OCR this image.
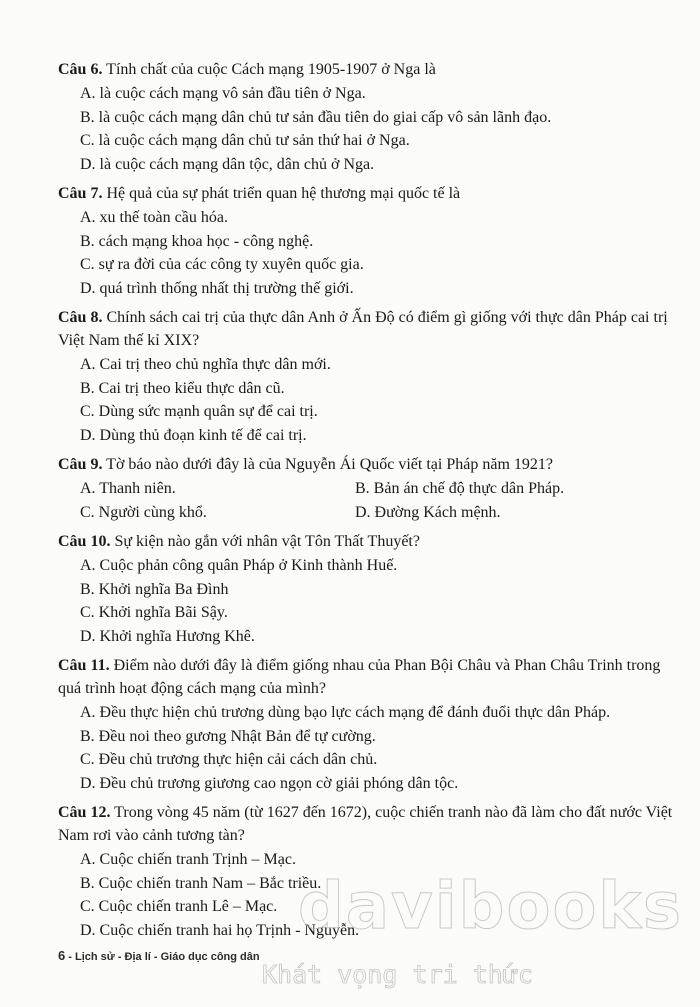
Câu 6. Tính chất của cuộc Cách mạng 1905-1907 ở Nga là

A. là cuộc cách mạng vô sản đầu tiên ở Nga.
B. là cuộc cách mạng dân chủ tư sản đầu tiên do giai cấp vô sản lãnh đạo.
C. là cuộc cách mạng dân chủ tư sản thứ hai ở Nga.
D. là cuộc cách mạng dân tộc, dân chủ ở Nga.

Câu 7. Hệ quả của sự phát triển quan hệ thương mại quốc tế là

A. xu thế toàn cầu hóa.
B. cách mạng khoa học - công nghệ.
C. sự ra đời của các công ty xuyên quốc gia.
D. quá trình thống nhất thị trường thế giới.

Câu 8. Chính sách cai trị của thực dân Anh ở Ấn Độ có điểm gì giống với thực dân Pháp cai trị Việt Nam thế kỉ XIX?

A. Cai trị theo chủ nghĩa thực dân mới.
B. Cai trị theo kiểu thực dân cũ.
C. Dùng sức mạnh quân sự để cai trị.
D. Dùng thủ đoạn kinh tế để cai trị.

Câu 9. Tờ báo nào dưới đây là của Nguyễn Ái Quốc viết tại Pháp năm 1921?

A. Thanh niên.	B. Bản án chế độ thực dân Pháp.
C. Người cùng khổ.	D. Đường Kách mệnh.

Câu 10. Sự kiện nào gắn với nhân vật Tôn Thất Thuyết?

A. Cuộc phản công quân Pháp ở Kinh thành Huế.
B. Khởi nghĩa Ba Đình
C. Khởi nghĩa Bãi Sậy.
D. Khởi nghĩa Hương Khê.

Câu 11. Điểm nào dưới đây là điểm giống nhau của Phan Bội Châu và Phan Châu Trinh trong quá trình hoạt động cách mạng của mình?

A. Đều thực hiện chủ trương dùng bạo lực cách mạng để đánh đuổi thực dân Pháp.
B. Đều noi theo gương Nhật Bản để tự cường.
C. Đều chủ trương thực hiện cải cách dân chủ.
D. Đều chủ trương giương cao ngọn cờ giải phóng dân tộc.

Câu 12. Trong vòng 45 năm (từ 1627 đến 1672), cuộc chiến tranh nào đã làm cho đất nước Việt Nam rơi vào cảnh tương tàn?

A. Cuộc chiến tranh Trịnh – Mạc.
B. Cuộc chiến tranh Nam – Bắc triều.
C. Cuộc chiến tranh Lê – Mạc.
D. Cuộc chiến tranh hai họ Trịnh - Nguyễn.
davibooks
6 - Lịch sử - Địa lí - Giáo dục công dân
Khát vọng tri thức
